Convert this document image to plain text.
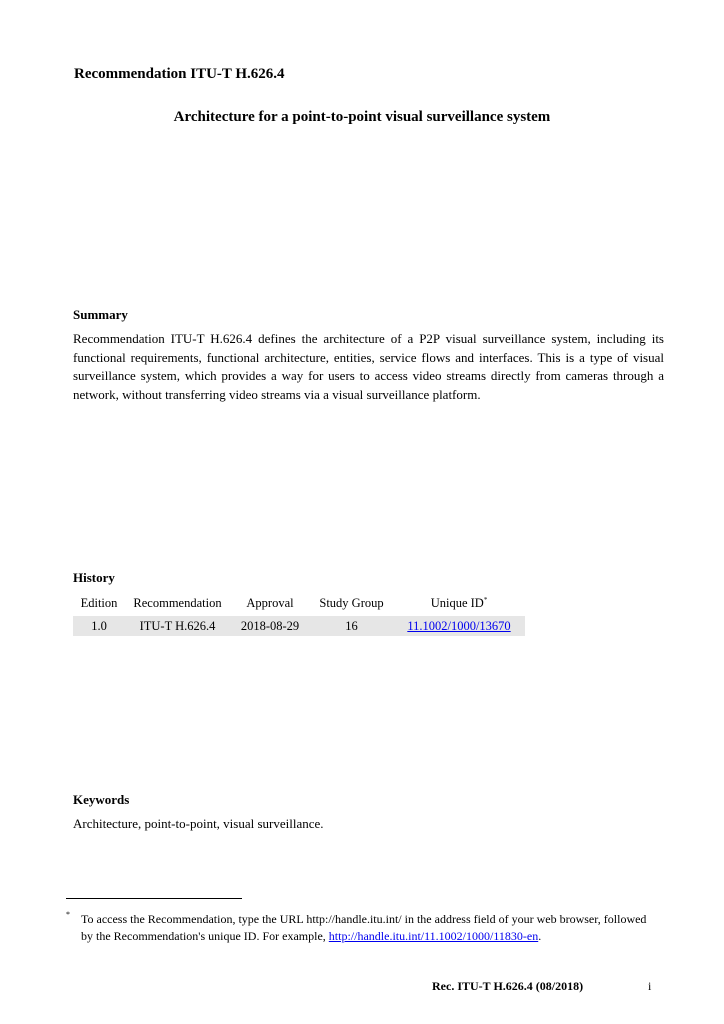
Recommendation ITU-T H.626.4
Architecture for a point-to-point visual surveillance system
Summary
Recommendation ITU-T H.626.4 defines the architecture of a P2P visual surveillance system, including its functional requirements, functional architecture, entities, service flows and interfaces. This is a type of visual surveillance system, which provides a way for users to access video streams directly from cameras through a network, without transferring video streams via a visual surveillance platform.
History
Edition	Recommendation	Approval	Study Group	Unique ID*
1.0	ITU-T H.626.4	2018-08-29	16	11.1002/1000/13670
Keywords
Architecture, point-to-point, visual surveillance.
* To access the Recommendation, type the URL http://handle.itu.int/ in the address field of your web browser, followed by the Recommendation's unique ID. For example, http://handle.itu.int/11.1002/1000/11830-en.
Rec. ITU-T H.626.4 (08/2018)	i
